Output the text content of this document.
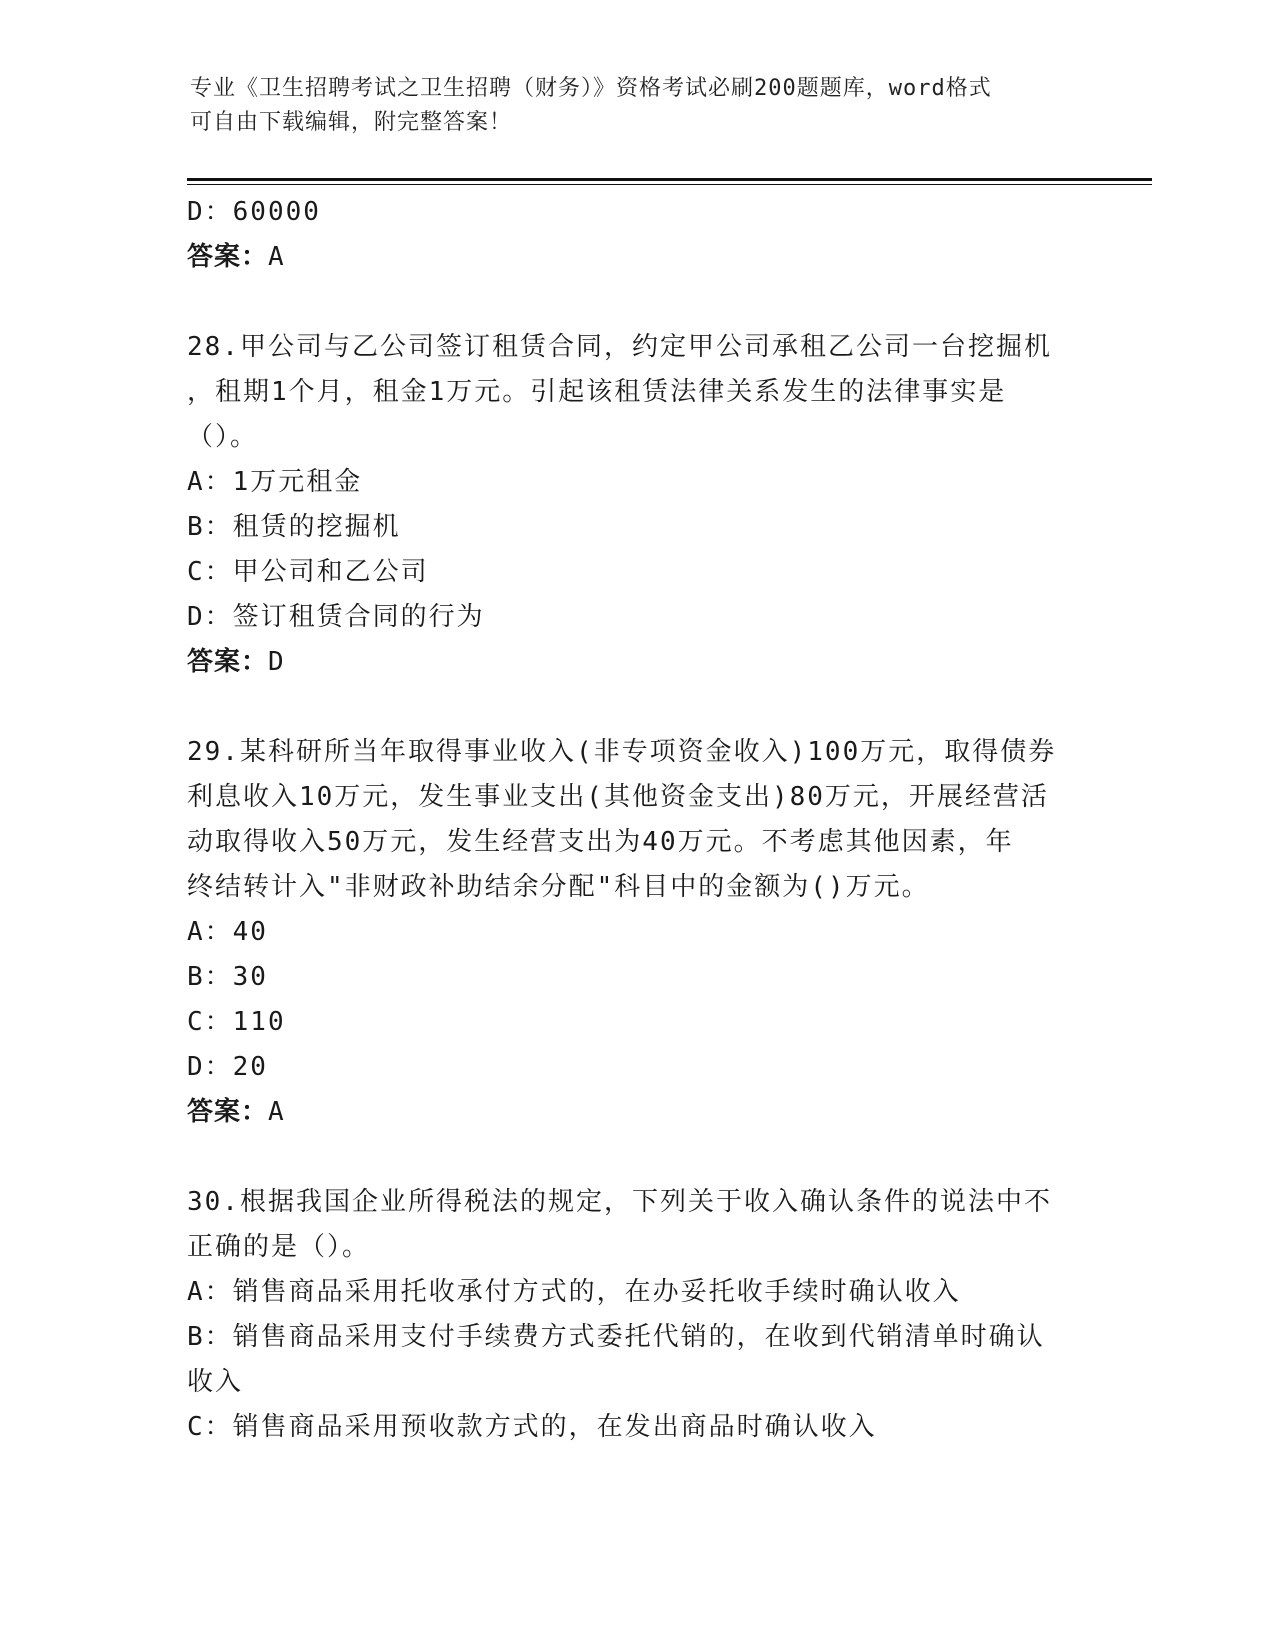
专业《卫生招聘考试之卫生招聘（财务）》资格考试必刷200题题库，word格式
可自由下载编辑，附完整答案！
D：60000
答案：A
28.甲公司与乙公司签订租赁合同，约定甲公司承租乙公司一台挖掘机
，租期1个月，租金1万元。引起该租赁法律关系发生的法律事实是
（）。
A：1万元租金
B：租赁的挖掘机
C：甲公司和乙公司
D：签订租赁合同的行为
答案：D
29.某科研所当年取得事业收入(非专项资金收入)100万元，取得债券
利息收入10万元，发生事业支出(其他资金支出)80万元，开展经营活
动取得收入50万元，发生经营支出为40万元。不考虑其他因素，年
终结转计入"非财政补助结余分配"科目中的金额为()万元。
A：40
B：30
C：110
D：20
答案：A
30.根据我国企业所得税法的规定，下列关于收入确认条件的说法中不
正确的是（）。
A：销售商品采用托收承付方式的，在办妥托收手续时确认收入
B：销售商品采用支付手续费方式委托代销的，在收到代销清单时确认
收入
C：销售商品采用预收款方式的，在发出商品时确认收入
